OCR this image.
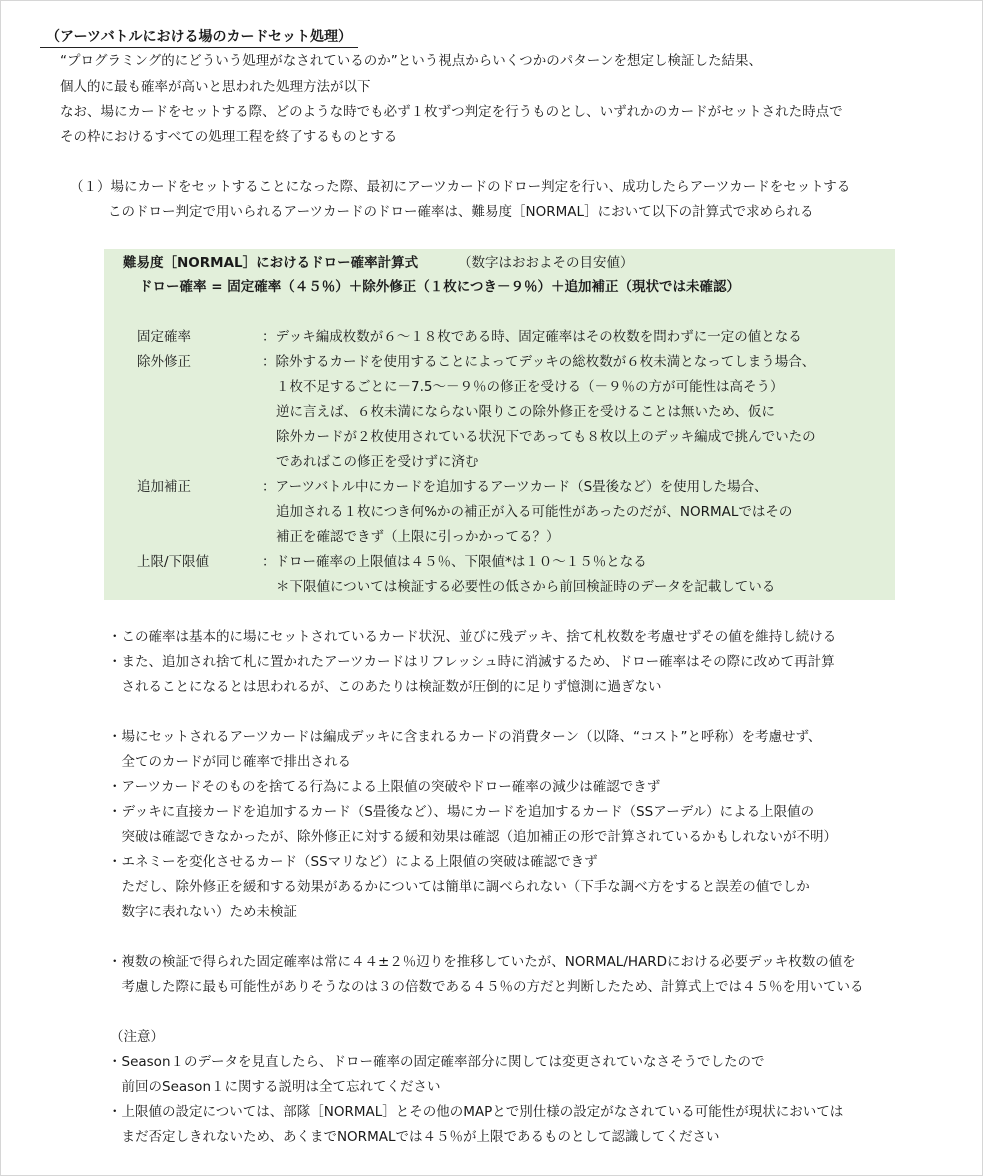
（アーツバトルにおける場のカードセット処理）
“プログラミング的にどういう処理がなされているのか”という視点からいくつかのパターンを想定し検証した結果、
個人的に最も確率が高いと思われた処理方法が以下
なお、場にカードをセットする際、どのような時でも必ず１枚ずつ判定を行うものとし、いずれかのカードがセットされた時点で
その枠におけるすべての処理工程を終了するものとする
（１）場にカードをセットすることになった際、最初にアーツカードのドロー判定を行い、成功したらアーツカードをセットする
このドロー判定で用いられるアーツカードのドロー確率は、難易度［NORMAL］において以下の計算式で求められる
難易度［NORMAL］におけるドロー確率計算式	（数字はおおよその目安値）
ドロー確率 = 固定確率（４５％）＋除外修正（１枚につき－９％）＋追加補正（現状では未確認）
固定確率	：デッキ編成枚数が６～１８枚である時、固定確率はその枚数を問わずに一定の値となる
除外修正	：除外するカードを使用することによってデッキの総枚数が６枚未満となってしまう場合、
１枚不足するごとに－7.5～－９％の修正を受ける（－９％の方が可能性は高そう）
逆に言えば、６枚未満にならない限りこの除外修正を受けることは無いため、仮に
除外カードが２枚使用されている状況下であっても８枚以上のデッキ編成で挑んでいたの
であればこの修正を受けずに済む
追加補正	：アーツバトル中にカードを追加するアーツカード（S畳後など）を使用した場合、
追加される１枚につき何%かの補正が入る可能性があったのだが、NORMALではその
補正を確認できず（上限に引っかかってる？）
上限/下限値	：ドロー確率の上限値は４５％、下限値*は１０～１５％となる
＊下限値については検証する必要性の低さから前回検証時のデータを記載している
・この確率は基本的に場にセットされているカード状況、並びに残デッキ、捨て札枚数を考慮せずその値を維持し続ける
・また、追加され捨て札に置かれたアーツカードはリフレッシュ時に消滅するため、ドロー確率はその際に改めて再計算
　されることになるとは思われるが、このあたりは検証数が圧倒的に足りず憶測に過ぎない
・場にセットされるアーツカードは編成デッキに含まれるカードの消費ターン（以降、“コスト”と呼称）を考慮せず、
　全てのカードが同じ確率で排出される
・アーツカードそのものを捨てる行為による上限値の突破やドロー確率の減少は確認できず
・デッキに直接カードを追加するカード（S畳後など）、場にカードを追加するカード（SSアーデル）による上限値の
　突破は確認できなかったが、除外修正に対する緩和効果は確認（追加補正の形で計算されているかもしれないが不明）
・エネミーを変化させるカード（SSマリなど）による上限値の突破は確認できず
　ただし、除外修正を緩和する効果があるかについては簡単に調べられない（下手な調べ方をすると誤差の値でしか
　数字に表れない）ため未検証
・複数の検証で得られた固定確率は常に４４±２％辺りを推移していたが、NORMAL/HARDにおける必要デッキ枚数の値を
　考慮した際に最も可能性がありそうなのは３の倍数である４５％の方だと判断したため、計算式上では４５％を用いている
（注意）
・Season１のデータを見直したら、ドロー確率の固定確率部分に関しては変更されていなさそうでしたので
　前回のSeason１に関する説明は全て忘れてください
・上限値の設定については、部隊［NORMAL］とその他のMAPとで別仕様の設定がなされている可能性が現状においては
　まだ否定しきれないため、あくまでNORMALでは４５％が上限であるものとして認識してください
